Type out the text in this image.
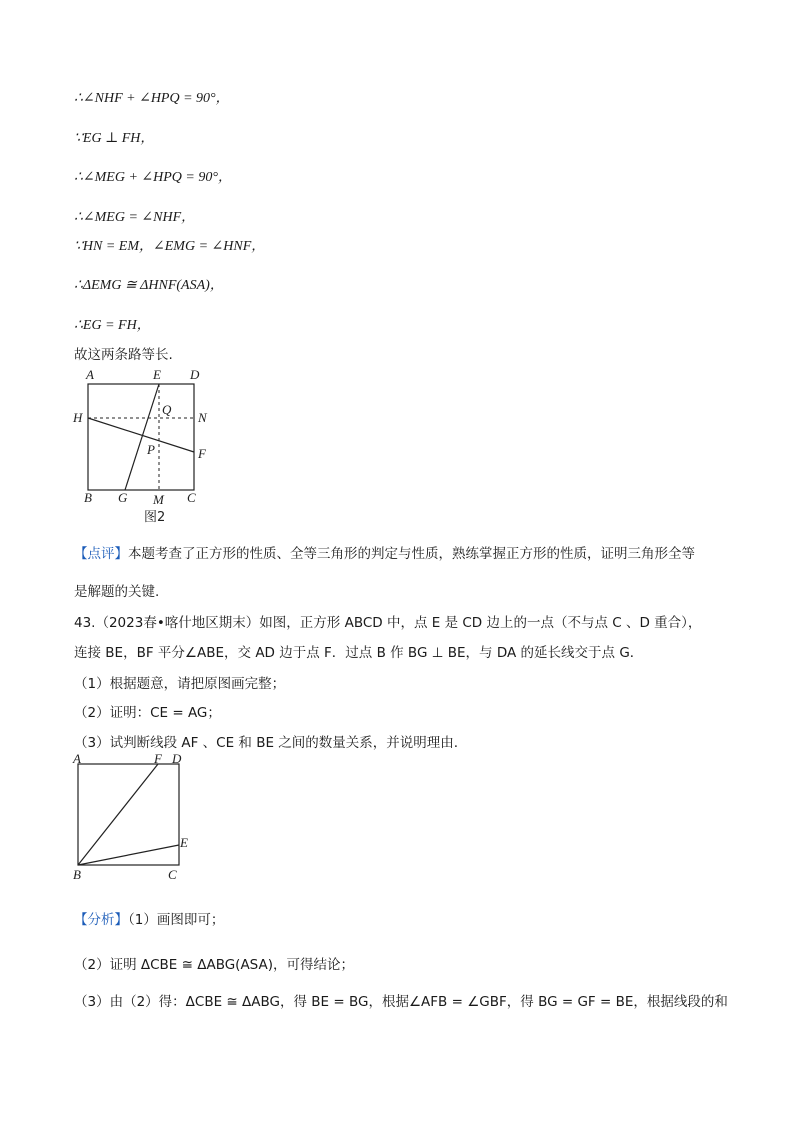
∴∠NHF + ∠HPQ = 90°，
∵EG ⊥ FH，
∴∠MEG + ∠HPQ = 90°，
∴∠MEG = ∠NHF，
∵HN = EM，∠EMG = ∠HNF，
∴ΔEMG ≅ ΔHNF(ASA)，
∴EG = FH，
故这两条路等长.
A	E D
H
Q
N
P	F
B G M C
图2
【点评】本题考查了正方形的性质、全等三角形的判定与性质，熟练掌握正方形的性质，证明三角形全等
是解题的关键.
43.（2023春•喀什地区期末）如图，正方形 ABCD 中，点 E 是 CD 边上的一点（不与点 C 、D 重合），
连接 BE，BF 平分∠ABE，交 AD 边于点 F．过点 B 作 BG ⊥ BE，与 DA 的延长线交于点 G．
（1）根据题意，请把原图画完整；
（2）证明：CE = AG；
（3）试判断线段 AF 、CE 和 BE 之间的数量关系，并说明理由.
A	F D
E
B	C
【分析】（1）画图即可；
（2）证明 ΔCBE ≅ ΔABG(ASA)，可得结论；
（3）由（2）得：ΔCBE ≅ ΔABG，得 BE = BG，根据∠AFB = ∠GBF，得 BG = GF = BE，根据线段的和
